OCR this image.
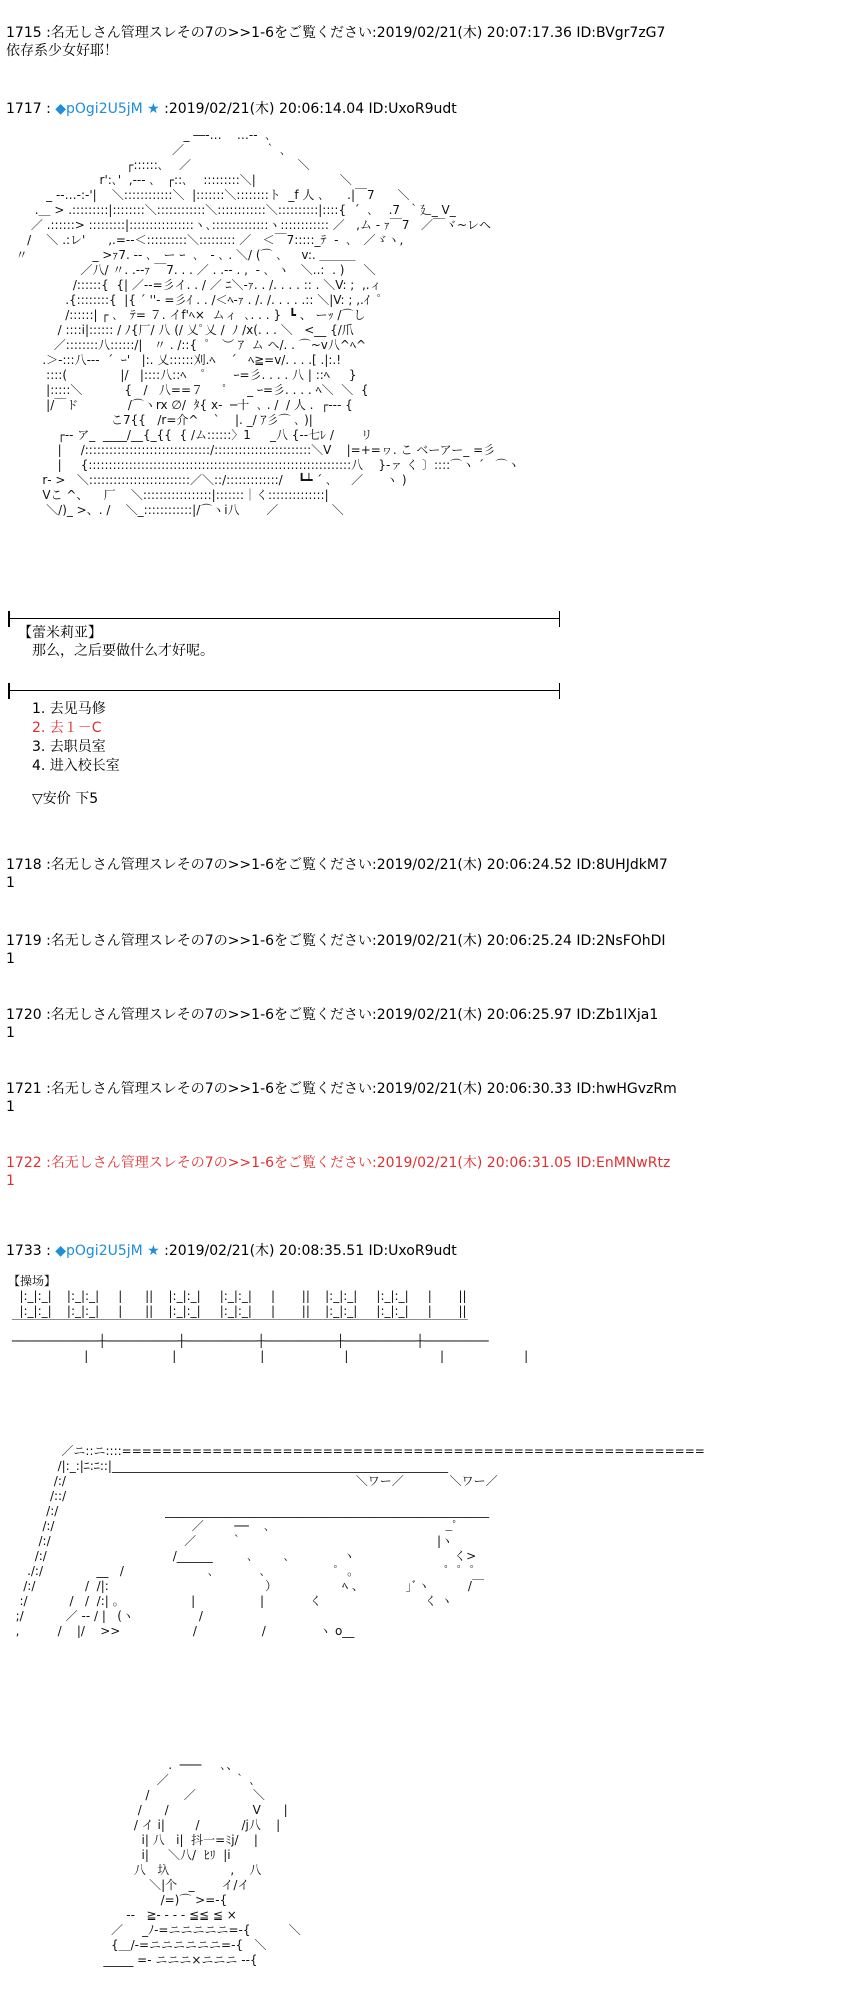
1715 :名无しさん管理スレその7の>>1-6をご覧ください:2019/02/21(木) 20:07:17.36 ID:BVgr7zG7
依存系少女好耶！
1717 : ◆pOgi2U5jM ★ :2019/02/21(木) 20:06:14.04 ID:UxoR9udt
_ ―‐…    …‐-  ､
／                     ｀ ､
┌::::::､    ／                            ＼
r':､'  ,-‐- ､   ┌::､    :::::::::＼|                      ＼
_ -‐…‐:‐'|    ＼::::::::::::＼  |:::::::＼::::::::ト  _f 人 ､      .|￣7      ＼
.＿ > .:::::::::|::::::::＼::::::::::::＼::::::::::::＼::::::::::|::::{  ´  ､    .7  ｀廴_ V_
／ .::::::> :::::::::|::::::::::::::::ヽ､::::::::::::::ヽ:::::::::::: ／   ,ム ‐ ｧ￣7   ／￣ヾ~レヘ
/    ＼ .:レ'      ,.=‐‐＜::::::::::＼::::::::: ／   ＜￣7:::::_ﾃ  -  ､   ／ゞヽ,
〃                 _ >ｧ7. ‐‐ ､   ー ｰ  ､   ‐ ､ . ＼/ (⌒ ､     v:. ＿＿＿
／八/ 〃. .‐‐ｧ ￣7. . . ／ . .‐‐ . ,  ‐ ､  ヽ   ＼..:  . )     ＼
/::::::{  {| ／‐‐=彡イ. . / ／ ﾆ＼‐ｧ. . /. . . . :: . ＼V: ;  ,.ィ
.{::::::::{  |{ ´ ''‐ =彡ｲ . . /＜ﾍ‐ｧ . /. /. . . . .:: ＼|V: ; ,.ｲ  ﾟ
/::::::| ┌ ､   ﾃ= ７. イf'ﾍ×  ムィ  ､. . . }  ┗ 、 ーｯ /⌒し
/ ::::i|:::::: / ﾉ{厂/ 八 (/ 乂ﾟ乂 /  ﾉ /x(. . . ＼   <__ {/爪
／::::::::八::::::/|   〃 . /::{  ﾟ   ︶ ｱ  ム ヘ/. . ⌒~v八^ﾍ^
.＞‐:::八‐‐‐  ´  ｰ'   |:. 乂::::::刈.ﾍ    ´   ﾍ≧=v/. . . .[ .|:.!
::::(              |/   |::::八::ﾍ    ﾟ       ｰ=彡. . . . 八 | ::ﾍ     }
|:::::＼           {   /   八==７     ﾟ     _ ｰ=彡. . . . ﾍ＼  ＼  {
|/￣ド             /⌒ヽrx ∅/  ﾀ{ x‐  ─十  ､ . /  / 人 .  ┌‐‐‐ {
こ7{{   /r=介^    `    |. _/ ｱ彡⌒ ､ )|
┌‐‐ ア_  ____/__{_{{  { /ム::::::〉1     _八 {‐‐七ﾚ /       リ
|     /:::::::::::::::::::::::::::::::/::::::::::::::::::::::::＼V    |=+=ヮ. こ ベーアー_ =彡
|     {:::::::::::::::::::::::::::::::::::::::::::::::::::::::::::::::::八    }‐ァ く 〕::::⌒ヽ ´   ⌒ヽ
r‐ >   ＼:::::::::::::::::::::::::／＼::/:::::::::::::/    ┗┷ ´ ､     ／      ヽ )
Vこ ^、    厂    ＼:::::::::::::::::|:::::::｜く::::::::::::::|
＼/)_ >、. /    ＼_::::::::::::|/⌒ヽi八       ／              ＼
【蕾米莉亚】
那么，之后要做什么才好呢。
1. 去见马修
2. 去１－C
3. 去职员室
4. 进入校长室
▽安价 下5
1718 :名无しさん管理スレその7の>>1-6をご覧ください:2019/02/21(木) 20:06:24.52 ID:8UHJdkM7
1
1719 :名无しさん管理スレその7の>>1-6をご覧ください:2019/02/21(木) 20:06:25.24 ID:2NsFOhDI
1
1720 :名无しさん管理スレその7の>>1-6をご覧ください:2019/02/21(木) 20:06:25.97 ID:Zb1lXja1
1
1721 :名无しさん管理スレその7の>>1-6をご覧ください:2019/02/21(木) 20:06:30.33 ID:hwHGvzRm
1
1722 :名无しさん管理スレその7の>>1-6をご覧ください:2019/02/21(木) 20:06:31.05 ID:EnMNwRtz
1
1733 : ◆pOgi2U5jM ★ :2019/02/21(木) 20:08:35.51 ID:UxoR9udt
【操场】
|:_|:_|    |:_|:_|     |      ||    |:_|:_|     |:_|:_|     |       ||    |:_|:_|     |:_|:_|     |       ||
|:_|:_|    |:_|:_|     |      ||    |:_|:_|     |:_|:_|     |       ||    |:_|:_|     |:_|:_|     |       ||
￣￣￣￣￣￣￣￣￣￣￣￣￣￣￣￣￣￣￣￣￣￣￣￣￣￣￣￣￣￣￣￣￣￣￣￣￣￣
────────────┼──────────┼──────────┼──────────┼──────────┼─────────
|                      |                      |                     |                        |                     |
／ニ::ニ::::==========================================================
/|:_:|ﾆ:ﾆ::|________________________________________________________
/:/                                                                            ＼ワー／            ＼ワー／
/::/
/:/                            ______________________________________________________
/:/                                    ／        ──    ､                                              _ﾟ
/:/                                   ／         ｀                                                   |ヽ
/:/                                 /______         ､        ､              ヽ                          く>
./:/              __   /                      ､            ､                  ﾟ  ｡                        ﾟ  ﾟ  ﾟ
/:/             /  /|:                                         ）                 ﾍ 、           ｣ﾞヽ          /￣
:/           /   /  /:| ｡                   |                 |            く                           く ヽ
;/           ／ ‐‐ / |   (ヽ                 /
,          /    |/    >>                   /                 /              ヽ o__
.  ───     ､、
／                 ｀ ､
/         ／               ＼
/      /                      V      |
/ イ i|        /           /j八    |
i| 八   i|  抖一=ﾐj/    |
i|     ＼八/  ﾋﾘ  |i
八   圦                ,    八
＼|个   _       イ/イ
/=)⌒ >=‐{
‐‐   ≧‐ ‐ ‐ ‐ ≦≦ ≦ ×
／     _ﾉ‐=ニニニニニ=‐{          ＼
{＿/‐=ニニニニニニ=‐{   ＼
_____ =‐ ニニニ×ニニニ ‐‐{
